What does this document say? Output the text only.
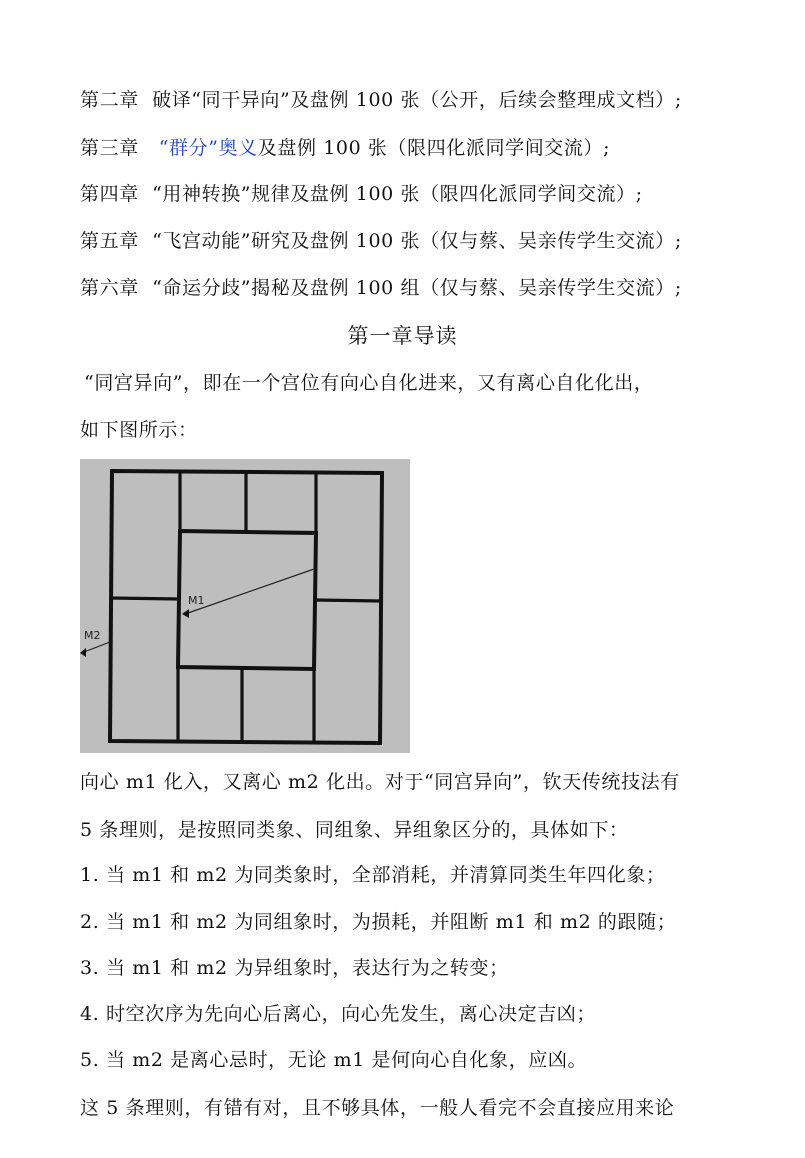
第二章 破译“同干异向”及盘例 100 张（公开，后续会整理成文档）;
第三章 “群分”奥义及盘例 100 张（限四化派同学间交流）;
第四章 “用神转换”规律及盘例 100 张（限四化派同学间交流）;
第五章 “飞宫动能”研究及盘例 100 张（仅与蔡、吴亲传学生交流）;
第六章 “命运分歧”揭秘及盘例 100 组（仅与蔡、吴亲传学生交流）;
第一章导读
“同宫异向”，即在一个宫位有向心自化进来，又有离心自化化出，
如下图所示：
M1
M2
向心 m1 化入，又离心 m2 化出。对于“同宫异向”，钦天传统技法有
5 条理则，是按照同类象、同组象、异组象区分的，具体如下：
1. 当 m1 和 m2 为同类象时，全部消耗，并清算同类生年四化象；
2. 当 m1 和 m2 为同组象时，为损耗，并阻断 m1 和 m2 的跟随；
3. 当 m1 和 m2 为异组象时，表达行为之转变；
4. 时空次序为先向心后离心，向心先发生，离心决定吉凶；
5. 当 m2 是离心忌时，无论 m1 是何向心自化象，应凶。
这 5 条理则，有错有对，且不够具体，一般人看完不会直接应用来论
